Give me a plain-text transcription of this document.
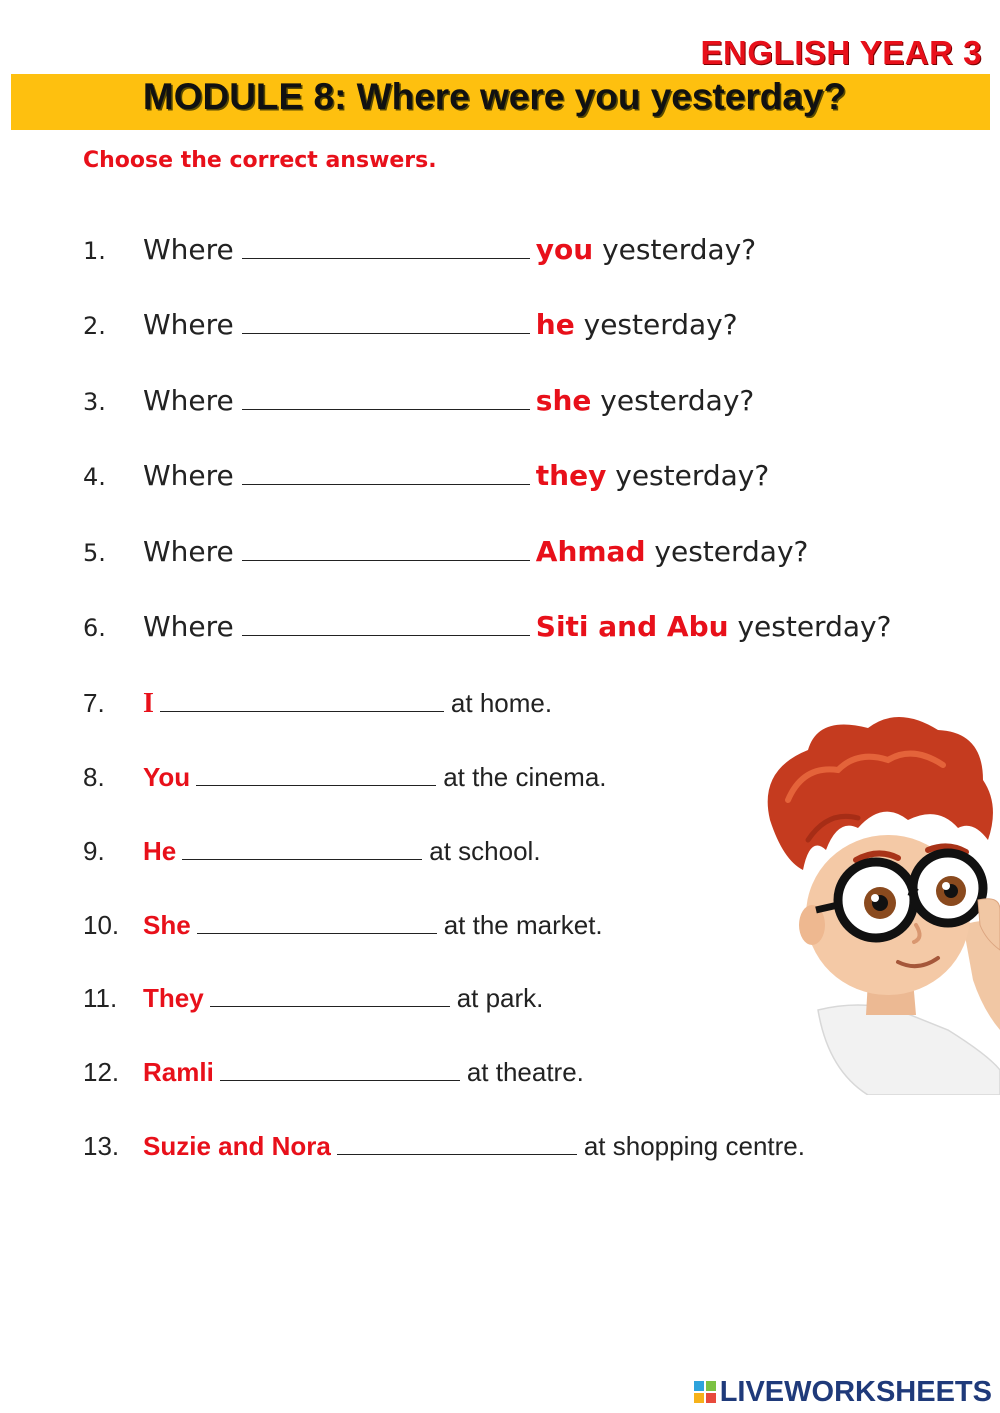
ENGLISH YEAR 3
MODULE 8: Where were you yesterday?
Choose the correct answers.
1. Where	you yesterday?
2. Where	he yesterday?
3. Where	she yesterday?
4. Where	they yesterday?
5. Where	Ahmad yesterday?
6. Where	Siti and Abu yesterday?
7. I	at home.
8. You	at the cinema.
9. He	at school.
10. She	at the market.
11. They	at park.
12. Ramli	at theatre.
13. Suzie and Nora	at shopping centre.
LIVEWORKSHEETS
